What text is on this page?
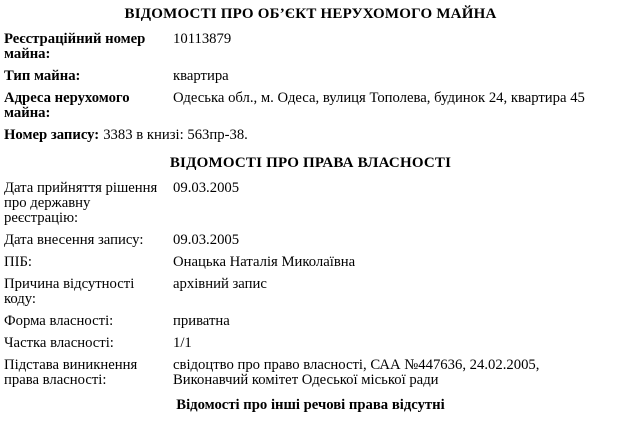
ВІДОМОСТІ ПРО ОБ’ЄКТ НЕРУХОМОГО МАЙНА
Реєстраційний номер майна:
10113879
Тип майна:	квартира
Адреса нерухомого майна:
Одеська обл., м. Одеса, вулиця Тополева, будинок 24, квартира 45
Номер запису: 3383 в книзі: 563пр-38.
ВІДОМОСТІ ПРО ПРАВА ВЛАСНОСТІ
Дата прийняття рішення про державну реєстрацію:
09.03.2005
Дата внесення запису:	09.03.2005
ПІБ:	Онацька Наталія Миколаївна
Причина відсутності коду:
архівний запис
Форма власності:	приватна
Частка власності:	1/1
Підстава виникнення права власності:
свідоцтво про право власності, САА №447636, 24.02.2005, Виконавчий комітет Одеської міської ради
Відомості про інші речові права відсутні
